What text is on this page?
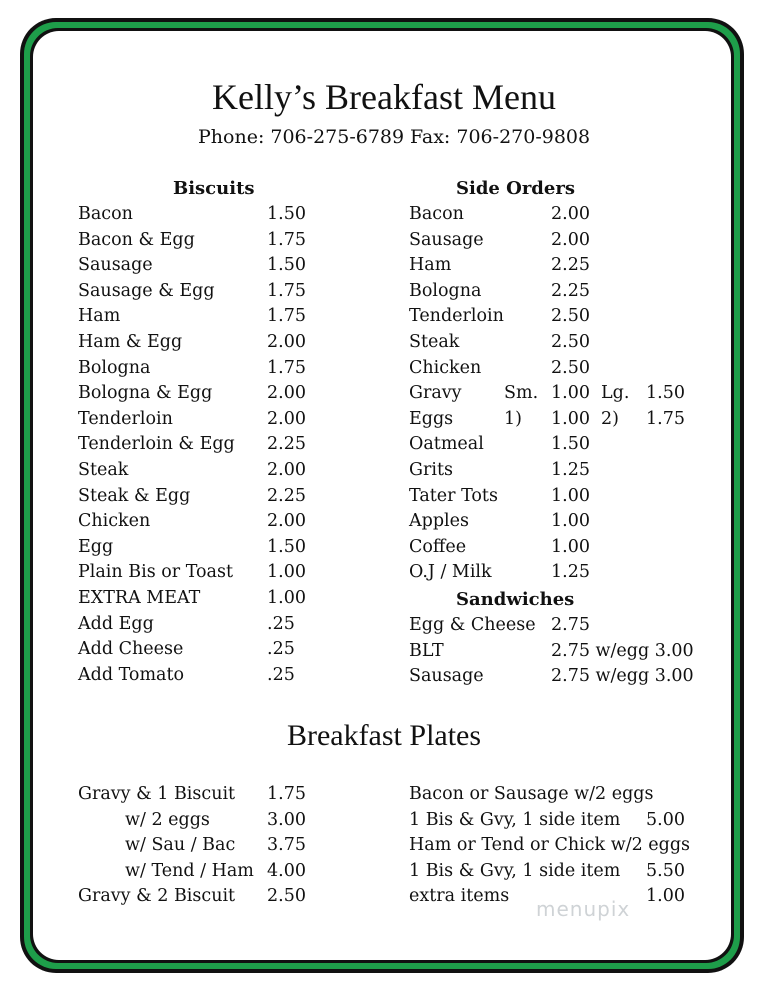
Kelly’s Breakfast Menu
Phone: 706-275-6789 Fax: 706-270-9808
Biscuits	Side Orders
Bacon	1.50
Bacon & Egg	1.75
Sausage	1.50
Sausage & Egg	1.75
Ham	1.75
Ham & Egg	2.00
Bologna	1.75
Bologna & Egg	2.00
Tenderloin	2.00
Tenderloin & Egg 2.25
Steak	2.00
Steak & Egg	2.25
Chicken	2.00
Egg	1.50
Plain Bis or Toast 1.00
EXTRA MEAT	1.00
Add Egg	.25
Add Cheese	.25
Add Tomato	.25
Bacon	2.00
Sausage	2.00
Ham	2.25
Bologna	2.25
Tenderloin	2.50
Steak	2.50
Chicken	2.50
Gravy Sm. 1.00 Lg. 1.50
Eggs	1) 1.00 2) 1.75
Oatmeal	1.50
Grits	1.25
Tater Tots	1.00
Apples	1.00
Coffee	1.00
O.J / Milk	1.25
Sandwiches
Egg & Cheese 2.75
BLT	2.75 w/egg 3.00
Sausage	2.75 w/egg 3.00
Breakfast Plates
Gravy & 1 Biscuit 1.75
w/ 2 eggs	3.00
w/ Sau / Bac 3.75
w/ Tend / Ham 4.00
Gravy & 2 Biscuit 2.50
Bacon or Sausage w/2 eggs
1 Bis & Gvy, 1 side item 5.00
Ham or Tend or Chick w/2 eggs
1 Bis & Gvy, 1 side item 5.50
extra items	1.00
menupix
